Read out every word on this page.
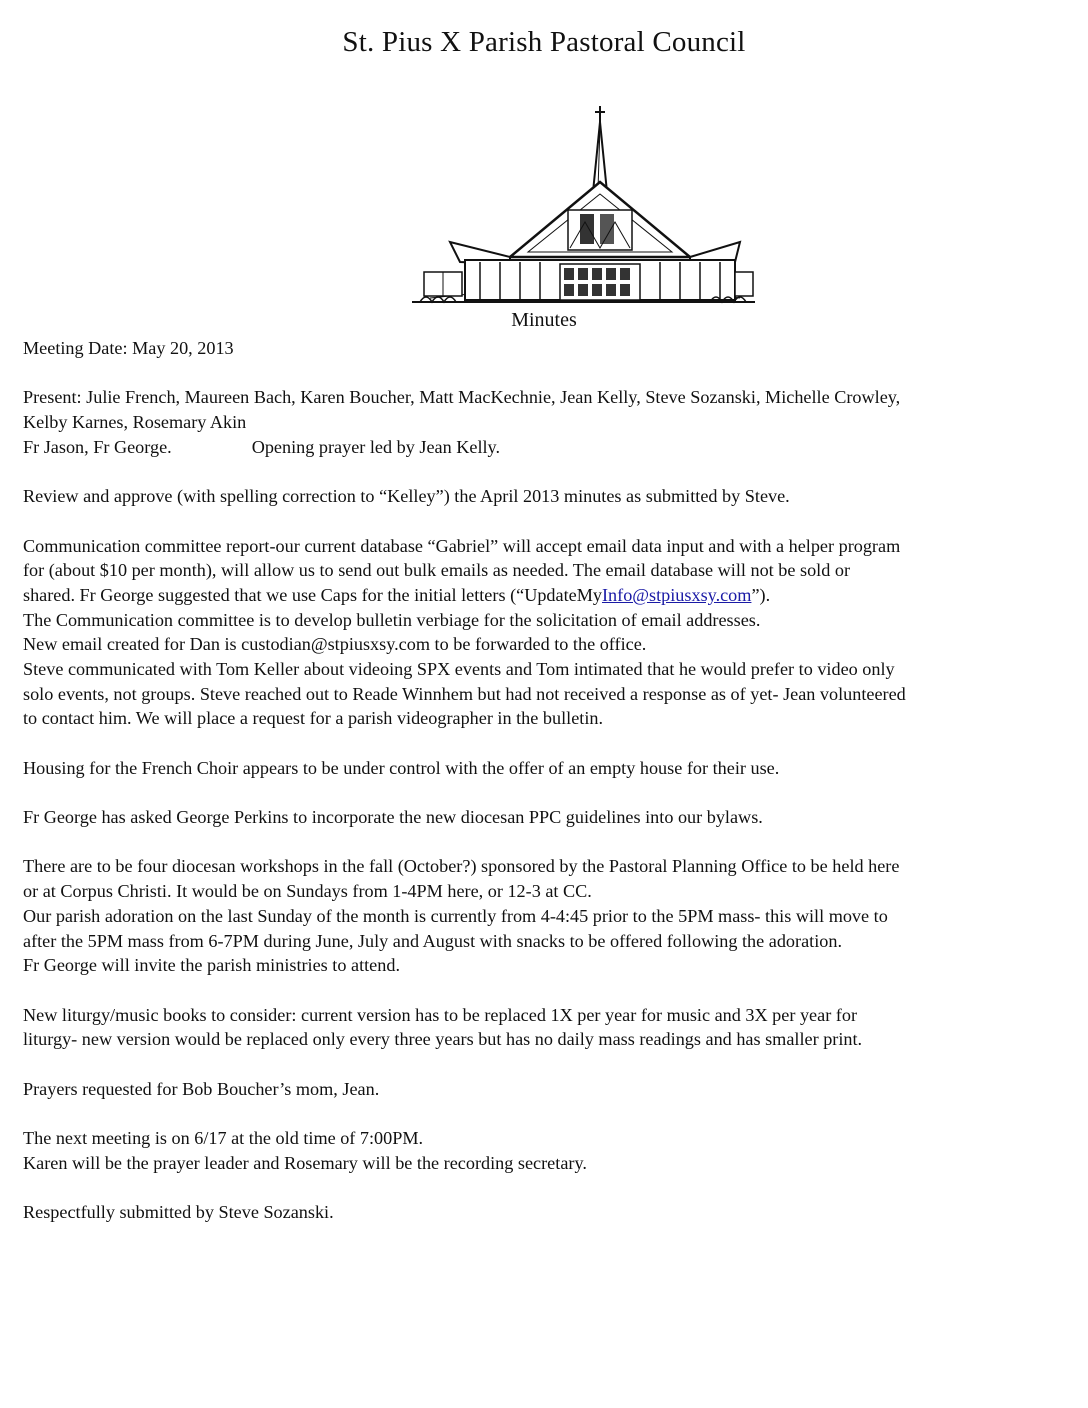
St. Pius X Parish Pastoral Council
Minutes
Meeting Date: May 20, 2013
Present: Julie French, Maureen Bach, Karen Boucher, Matt MacKechnie, Jean Kelly, Steve Sozanski, Michelle Crowley,
Kelby Karnes, Rosemary Akin
Fr Jason, Fr George.	Opening prayer led by Jean Kelly.
Review and approve (with spelling correction to “Kelley”) the April 2013 minutes as submitted by Steve.
Communication committee report-our current database “Gabriel” will accept email data input and with a helper program
for (about $10 per month), will allow us to send out bulk emails as needed. The email database will not be sold or
shared. Fr George suggested that we use Caps for the initial letters (“UpdateMyInfo@stpiusxsy.com”).
The Communication committee is to develop bulletin verbiage for the solicitation of email addresses.
New email created for Dan is custodian@stpiusxsy.com to be forwarded to the office.
Steve communicated with Tom Keller about videoing SPX events and Tom intimated that he would prefer to video only
solo events, not groups. Steve reached out to Reade Winnhem but had not received a response as of yet- Jean volunteered
to contact him. We will place a request for a parish videographer in the bulletin.
Housing for the French Choir appears to be under control with the offer of an empty house for their use.
Fr George has asked George Perkins to incorporate the new diocesan PPC guidelines into our bylaws.
There are to be four diocesan workshops in the fall (October?) sponsored by the Pastoral Planning Office to be held here
or at Corpus Christi. It would be on Sundays from 1-4PM here, or 12-3 at CC.
Our parish adoration on the last Sunday of the month is currently from 4-4:45 prior to the 5PM mass- this will move to
after the 5PM mass from 6-7PM during June, July and August with snacks to be offered following the adoration.
Fr George will invite the parish ministries to attend.
New liturgy/music books to consider: current version has to be replaced 1X per year for music and 3X per year for
liturgy- new version would be replaced only every three years but has no daily mass readings and has smaller print.
Prayers requested for Bob Boucher’s mom, Jean.
The next meeting is on 6/17 at the old time of 7:00PM.
Karen will be the prayer leader and Rosemary will be the recording secretary.
Respectfully submitted by Steve Sozanski.
